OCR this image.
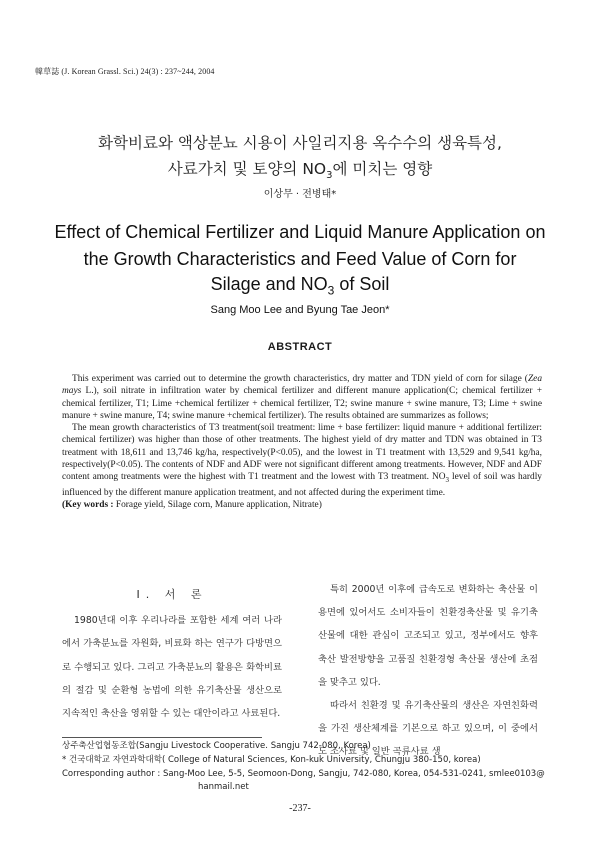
韓草誌 (J. Korean Grassl. Sci.) 24(3) : 237~244, 2004
화학비료와 액상분뇨 시용이 사일리지용 옥수수의 생육특성,
사료가치 및 토양의 $NO_3$에 미치는 영향
이상무 · 전병태*
Effect of Chemical Fertilizer and Liquid Manure Application on
the Growth Characteristics and Feed Value of Corn for
Silage and $NO_3$ of Soil
Sang Moo Lee and Byung Tae Jeon*
ABSTRACT

This experiment was carried out to determine the growth characteristics, dry matter and TDN yield of corn for silage (Zea mays L.), soil nitrate in infiltration water by chemical fertilizer and different manure application(C; chemical fertilizer + chemical fertilizer, T1; Lime +chemical fertilizer + chemical fertilizer, T2; swine manure + swine manure, T3; Lime + swine manure + swine manure, T4; swine manure +chemical fertilizer). The results obtained are summarizes as follows;

The mean growth characteristics of T3 treatment(soil treatment: lime + base fertilizer: liquid manure + additional fertilizer: chemical fertilizer) was higher than those of other treatments. The highest yield of dry matter and TDN was obtained in T3 treatment with 18,611 and 13,746 kg/ha, respectively(P<0.05), and the lowest in T1 treatment with 13,529 and 9,541 kg/ha, respectively(P<0.05). The contents of NDF and ADF were not significant different among treatments. However, NDF and ADF content among treatments were the highest with T1 treatment and the lowest with T3 treatment. $NO_3$ level of soil was hardly influenced by the different manure application treatment, and not affected during the experiment time.

(Key words : Forage yield, Silage corn, Manure application, Nitrate)

I. 서 론

1980년대 이후 우리나라를 포함한 세계 여러 나라에서 가축분뇨를 자원화, 비료화 하는 연구가 다방면으로 수행되고 있다. 그리고 가축분뇨의 활용은 화학비료의 절감 및 순환형 농법에 의한 유기축산물 생산으로 지속적인 축산을 영위할 수 있는 대안이라고 사료된다.

특히 2000년 이후에 급속도로 변화하는 축산물 이용면에 있어서도 소비자들이 친환경축산물 및 유기축산물에 대한 관심이 고조되고 있고, 정부에서도 향후 축산 발전방향을 고품질 친환경형 축산물 생산에 초점을 맞추고 있다.

따라서 친환경 및 유기축산물의 생산은 자연친화력을 가진 생산체계를 기본으로 하고 있으며, 이 중에서도 조사료 및 일반 곡류사료 생

상주축산업협동조합(Sangju Livestock Cooperative. Sangju 742-080, Korea)
* 건국대학교 자연과학대학( College of Natural Sciences, Kon-kuk University, Chungju 380-150, korea)
Corresponding author : Sang-Moo Lee, 5-5, Seomoon-Dong, Sangju, 742-080, Korea, 054-531-0241, smlee0103@
hanmail.net
-237-
